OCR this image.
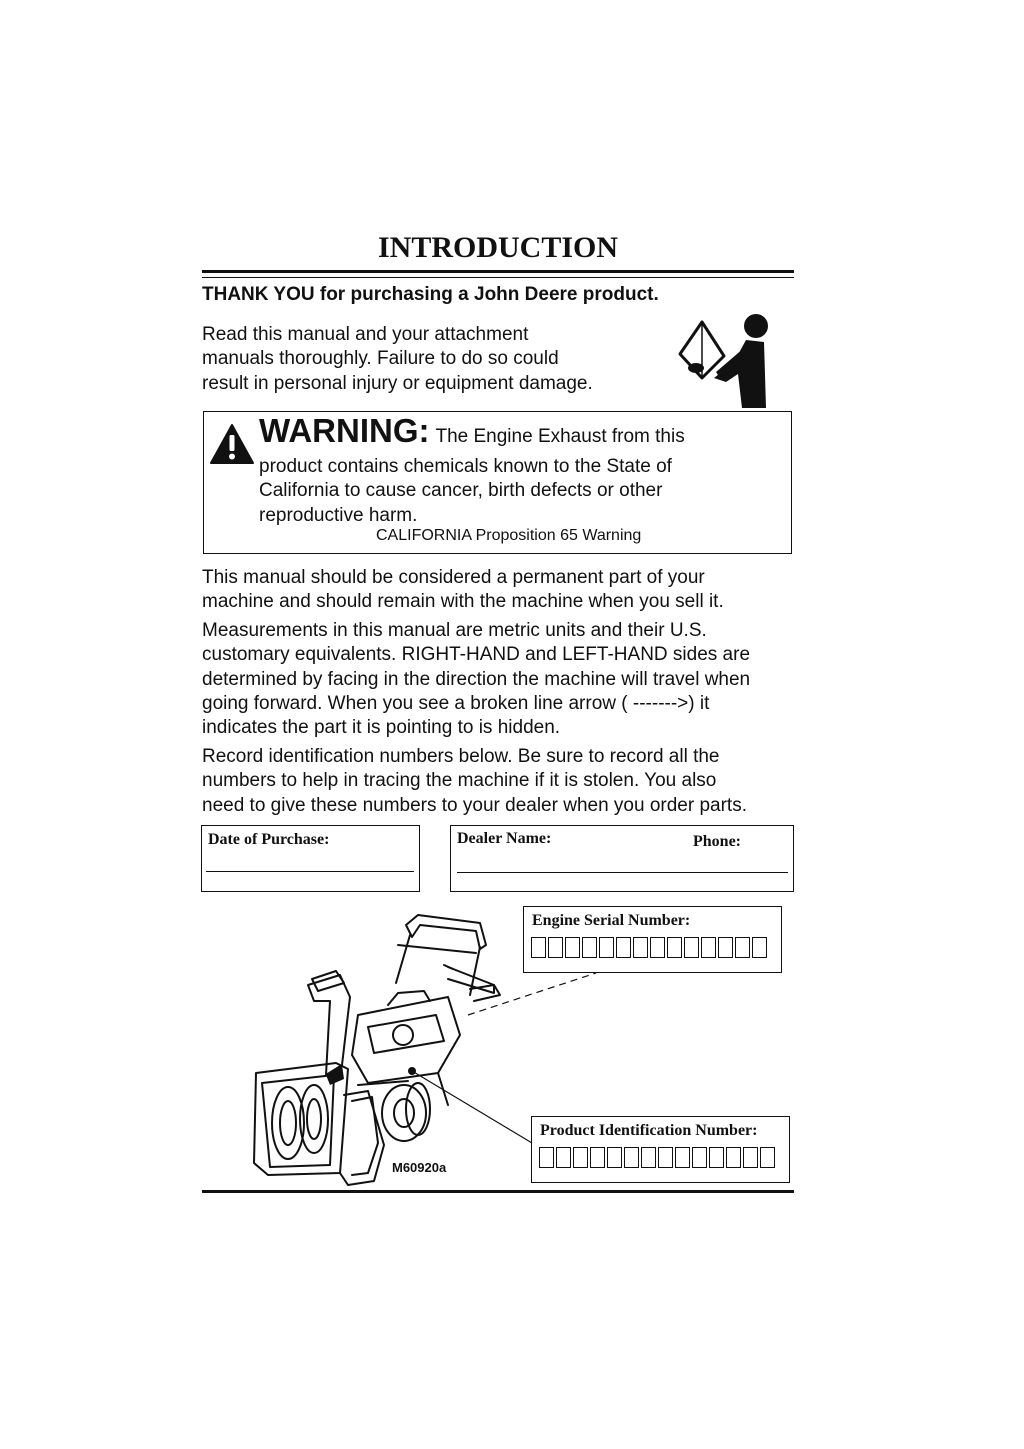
INTRODUCTION
THANK YOU for purchasing a John Deere product.

Read this manual and your attachment
manuals thoroughly. Failure to do so could
result in personal injury or equipment damage.

WARNING: The Engine Exhaust from this
product contains chemicals known to the State of
California to cause cancer, birth defects or other
reproductive harm.

CALIFORNIA Proposition 65 Warning

This manual should be considered a permanent part of your
machine and should remain with the machine when you sell it.

Measurements in this manual are metric units and their U.S.
customary equivalents. RIGHT-HAND and LEFT-HAND sides are
determined by facing in the direction the machine will travel when
going forward. When you see a broken line arrow ( ------->) it
indicates the part it is pointing to is hidden.

Record identification numbers below. Be sure to record all the
numbers to help in tracing the machine if it is stolen. You also
need to give these numbers to your dealer when you order parts.

Date of Purchase:	Dealer Name:	Phone:
M60920a
Engine Serial Number:
Product Identification Number:
